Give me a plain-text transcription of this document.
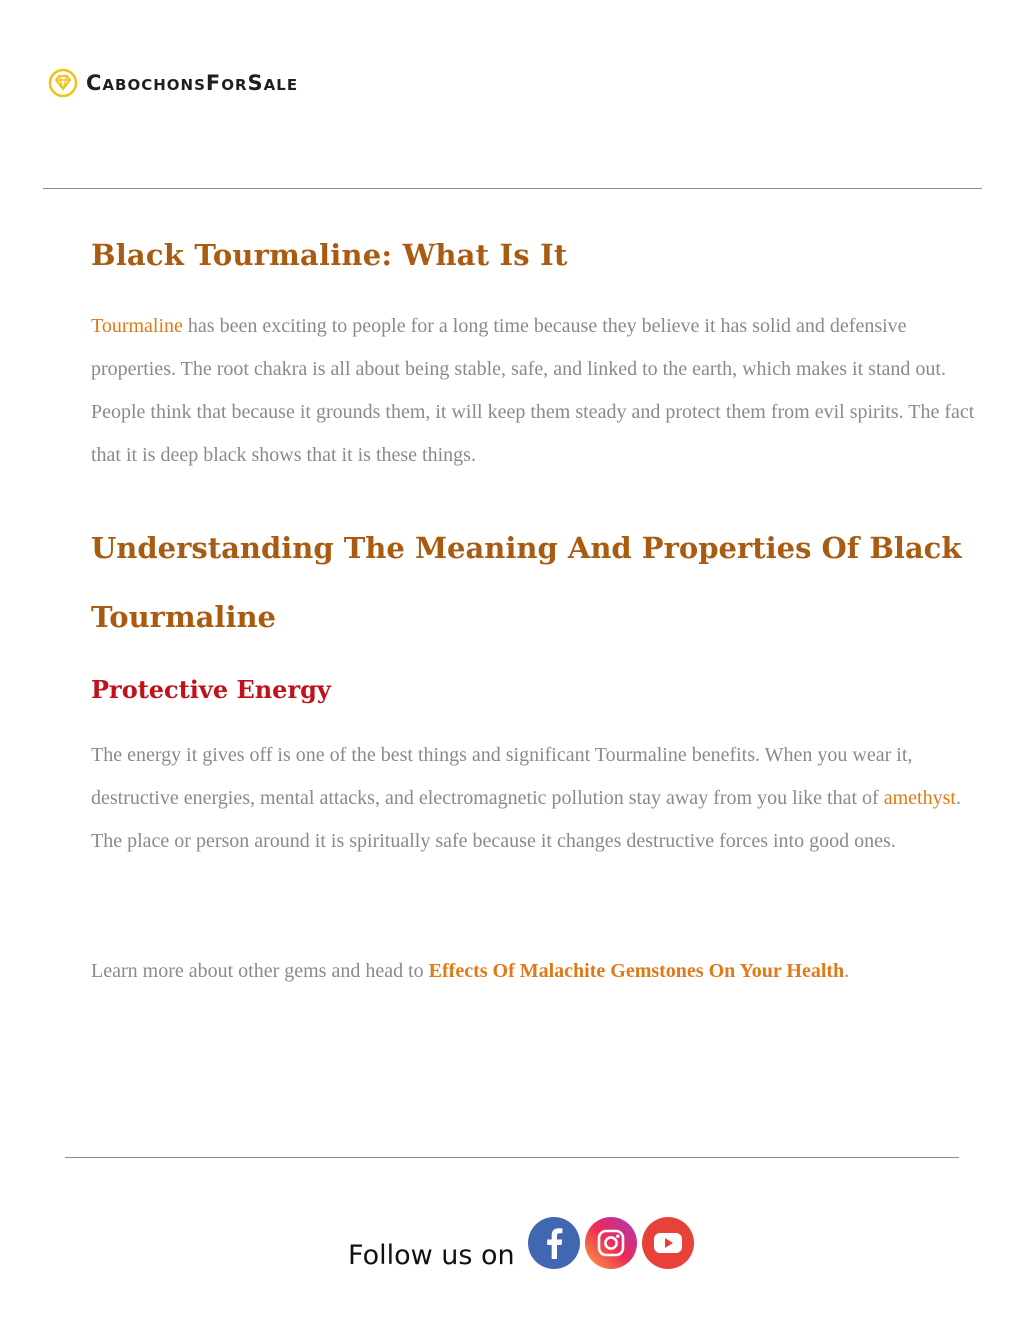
CabochonsForSale
Black Tourmaline: What Is It

Tourmaline has been exciting to people for a long time because they believe it has solid and defensive properties. The root chakra is all about being stable, safe, and linked to the earth, which makes it stand out. People think that because it grounds them, it will keep them steady and protect them from evil spirits. The fact that it is deep black shows that it is these things.

Understanding The Meaning And Properties Of Black Tourmaline
Protective Energy

The energy it gives off is one of the best things and significant Tourmaline benefits. When you wear it, destructive energies, mental attacks, and electromagnetic pollution stay away from you like that of amethyst. The place or person around it is spiritually safe because it changes destructive forces into good ones.

Learn more about other gems and head to Effects Of Malachite Gemstones On Your Health.

Follow us on
